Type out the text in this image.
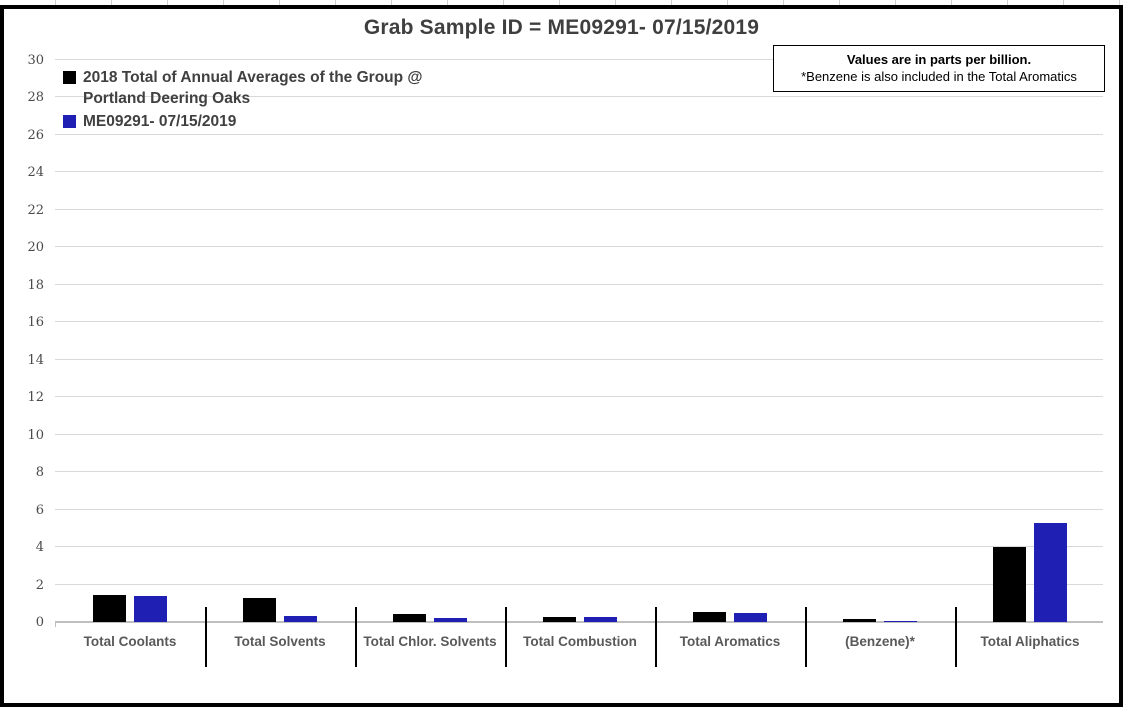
Grab Sample ID = ME09291- 07/15/2019
Values are in parts per billion.
*Benzene is also included in the Total Aromatics
2018 Total of Annual Averages of the Group @ Portland Deering Oaks
ME09291- 07/15/2019
0
2
4
6
8
10
12
14
16
18
20
22
24
26
28
30
Total Coolants	Total Solvents	Total Chlor. Solvents	Total Combustion	Total Aromatics	(Benzene)*	Total Aliphatics
